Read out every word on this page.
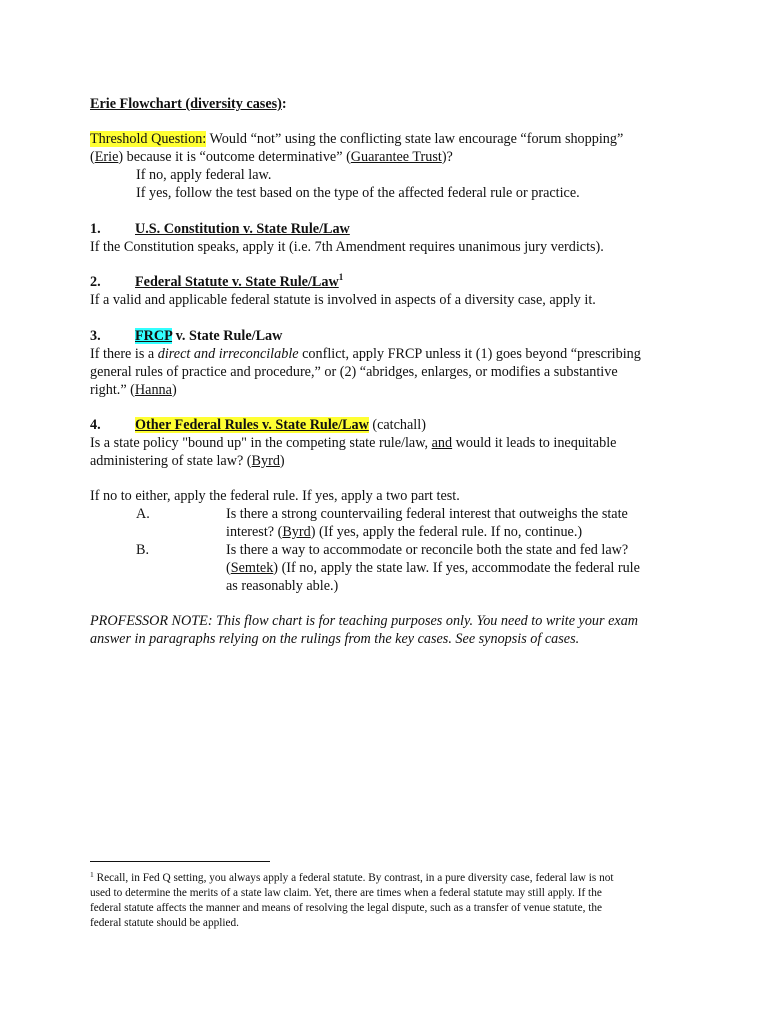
Erie Flowchart (diversity cases):
Threshold Question: Would “not” using the conflicting state law encourage “forum shopping”
(Erie) because it is “outcome determinative” (Guarantee Trust)?
If no, apply federal law.
If yes, follow the test based on the type of the affected federal rule or practice.
1. U.S. Constitution v. State Rule/Law
If the Constitution speaks, apply it (i.e. 7th Amendment requires unanimous jury verdicts).
2. Federal Statute v. State Rule/Law$^1$
If a valid and applicable federal statute is involved in aspects of a diversity case, apply it.
3. FRCP v. State Rule/Law
If there is a direct and irreconcilable conflict, apply FRCP unless it (1) goes beyond “prescribing
general rules of practice and procedure,” or (2) “abridges, enlarges, or modifies a substantive
right.” (Hanna)
4. Other Federal Rules v. State Rule/Law (catchall)
Is a state policy "bound up" in the competing state rule/law, and would it leads to inequitable
administering of state law? (Byrd)
If no to either, apply the federal rule. If yes, apply a two part test.
A.	Is there a strong countervailing federal interest that outweighs the state
interest? (Byrd) (If yes, apply the federal rule. If no, continue.)
B.	Is there a way to accommodate or reconcile both the state and fed law?
(Semtek) (If no, apply the state law. If yes, accommodate the federal rule
as reasonably able.)
PROFESSOR NOTE: This flow chart is for teaching purposes only. You need to write your exam
answer in paragraphs relying on the rulings from the key cases. See synopsis of cases.
$^1$ Recall, in Fed Q setting, you always apply a federal statute. By contrast, in a pure diversity case, federal law is not
used to determine the merits of a state law claim. Yet, there are times when a federal statute may still apply. If the
federal statute affects the manner and means of resolving the legal dispute, such as a transfer of venue statute, the
federal statute should be applied.
